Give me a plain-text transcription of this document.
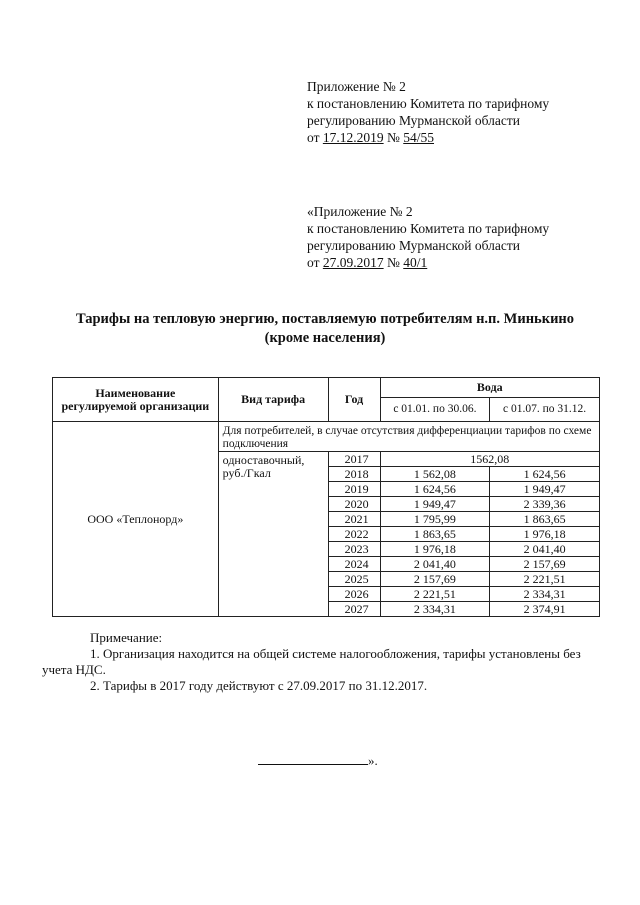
Приложение № 2
к постановлению Комитета по тарифному
регулированию Мурманской области
от 17.12.2019 № 54/55
«Приложение № 2
к постановлению Комитета по тарифному
регулированию Мурманской области
от 27.09.2017 № 40/1
Тарифы на тепловую энергию, поставляемую потребителям н.п. Минькино
(кроме населения)
Наименование регулируемой организации	Вид тарифа	Год	Вода	
			с 01.01. по 30.06.	с 01.07. по 31.12.
ООО «Теплонорд»	Для потребителей, в случае отсутствия дифференциации тарифов по схеме подключения			
	одноставочный, руб./Гкал	2017	1562,08	
		2018	1 562,08	1 624,56
		2019	1 624,56	1 949,47
		2020	1 949,47	2 339,36
		2021	1 795,99	1 863,65
		2022	1 863,65	1 976,18
		2023	1 976,18	2 041,40
		2024	2 041,40	2 157,69
		2025	2 157,69	2 221,51
		2026	2 221,51	2 334,31
		2027	2 334,31	2 374,91
Примечание:
1. Организация находится на общей системе налогообложения, тарифы установлены без учета НДС.
2. Тарифы в 2017 году действуют с 27.09.2017 по 31.12.2017.
».
